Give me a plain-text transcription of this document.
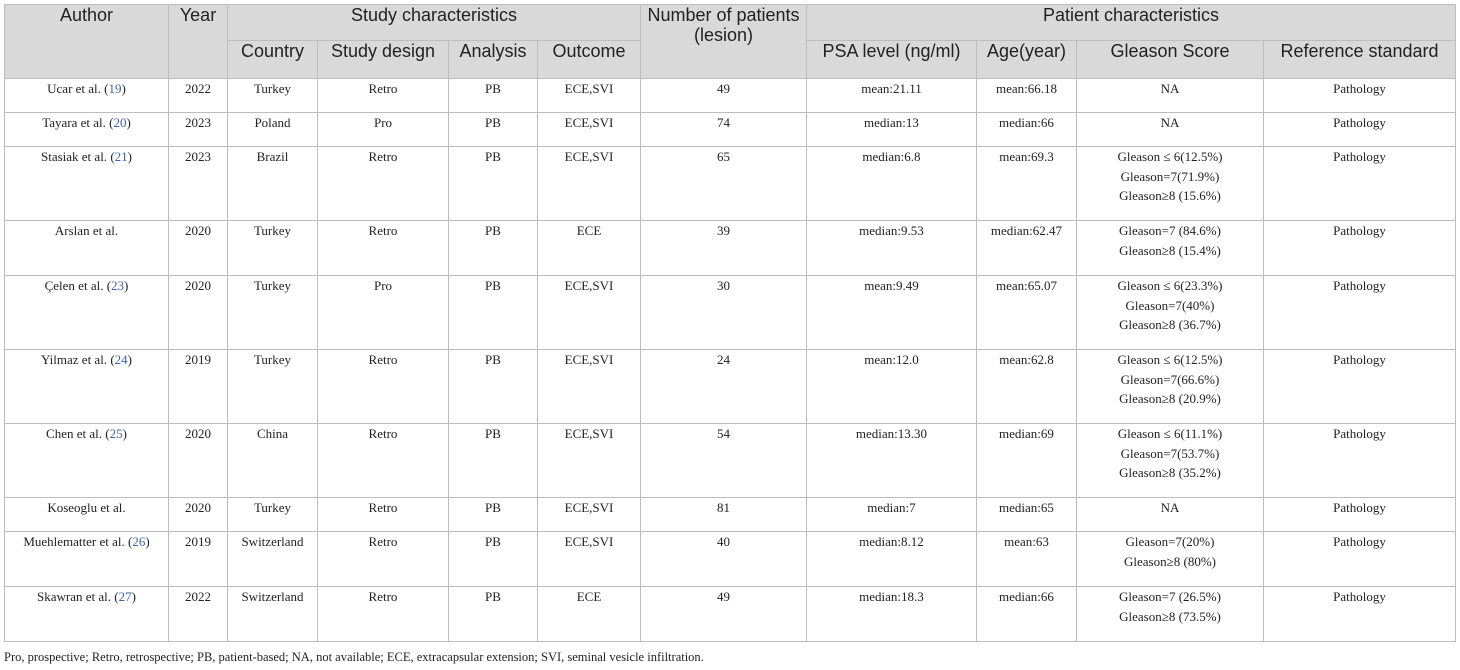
Author	Year	Study characteristics				Number of patients (lesion)	Patient characteristics			
		Country	Study design	Analysis	Outcome		PSA level (ng/ml)	Age(year)	Gleason Score	Reference standard
Ucar et al. (19)	2022	Turkey	Retro	PB	ECE,SVI	49	mean:21.11	mean:66.18	NA	Pathology
Tayara et al. (20)	2023	Poland	Pro	PB	ECE,SVI	74	median:13	median:66	NA	Pathology
Stasiak et al. (21)	2023	Brazil	Retro	PB	ECE,SVI	65	median:6.8	mean:69.3	Gleason ≤ 6(12.5%)
Gleason=7(71.9%)
Gleason≥8 (15.6%)	Pathology
Arslan et al.	2020	Turkey	Retro	PB	ECE	39	median:9.53	median:62.47	Gleason=7 (84.6%)
Gleason≥8 (15.4%)	Pathology
Çelen et al. (23)	2020	Turkey	Pro	PB	ECE,SVI	30	mean:9.49	mean:65.07	Gleason ≤ 6(23.3%)
Gleason=7(40%)
Gleason≥8 (36.7%)	Pathology
Yilmaz et al. (24)	2019	Turkey	Retro	PB	ECE,SVI	24	mean:12.0	mean:62.8	Gleason ≤ 6(12.5%)
Gleason=7(66.6%)
Gleason≥8 (20.9%)	Pathology
Chen et al. (25)	2020	China	Retro	PB	ECE,SVI	54	median:13.30	median:69	Gleason ≤ 6(11.1%)
Gleason=7(53.7%)
Gleason≥8 (35.2%)	Pathology
Koseoglu et al.	2020	Turkey	Retro	PB	ECE,SVI	81	median:7	median:65	NA	Pathology
Muehlematter et al. (26)	2019	Switzerland	Retro	PB	ECE,SVI	40	median:8.12	mean:63	Gleason=7(20%)
Gleason≥8 (80%)	Pathology
Skawran et al. (27)	2022	Switzerland	Retro	PB	ECE	49	median:18.3	median:66	Gleason=7 (26.5%)
Gleason≥8 (73.5%)	Pathology
Pro, prospective; Retro, retrospective; PB, patient-based; NA, not available; ECE, extracapsular extension; SVI, seminal vesicle infiltration.
